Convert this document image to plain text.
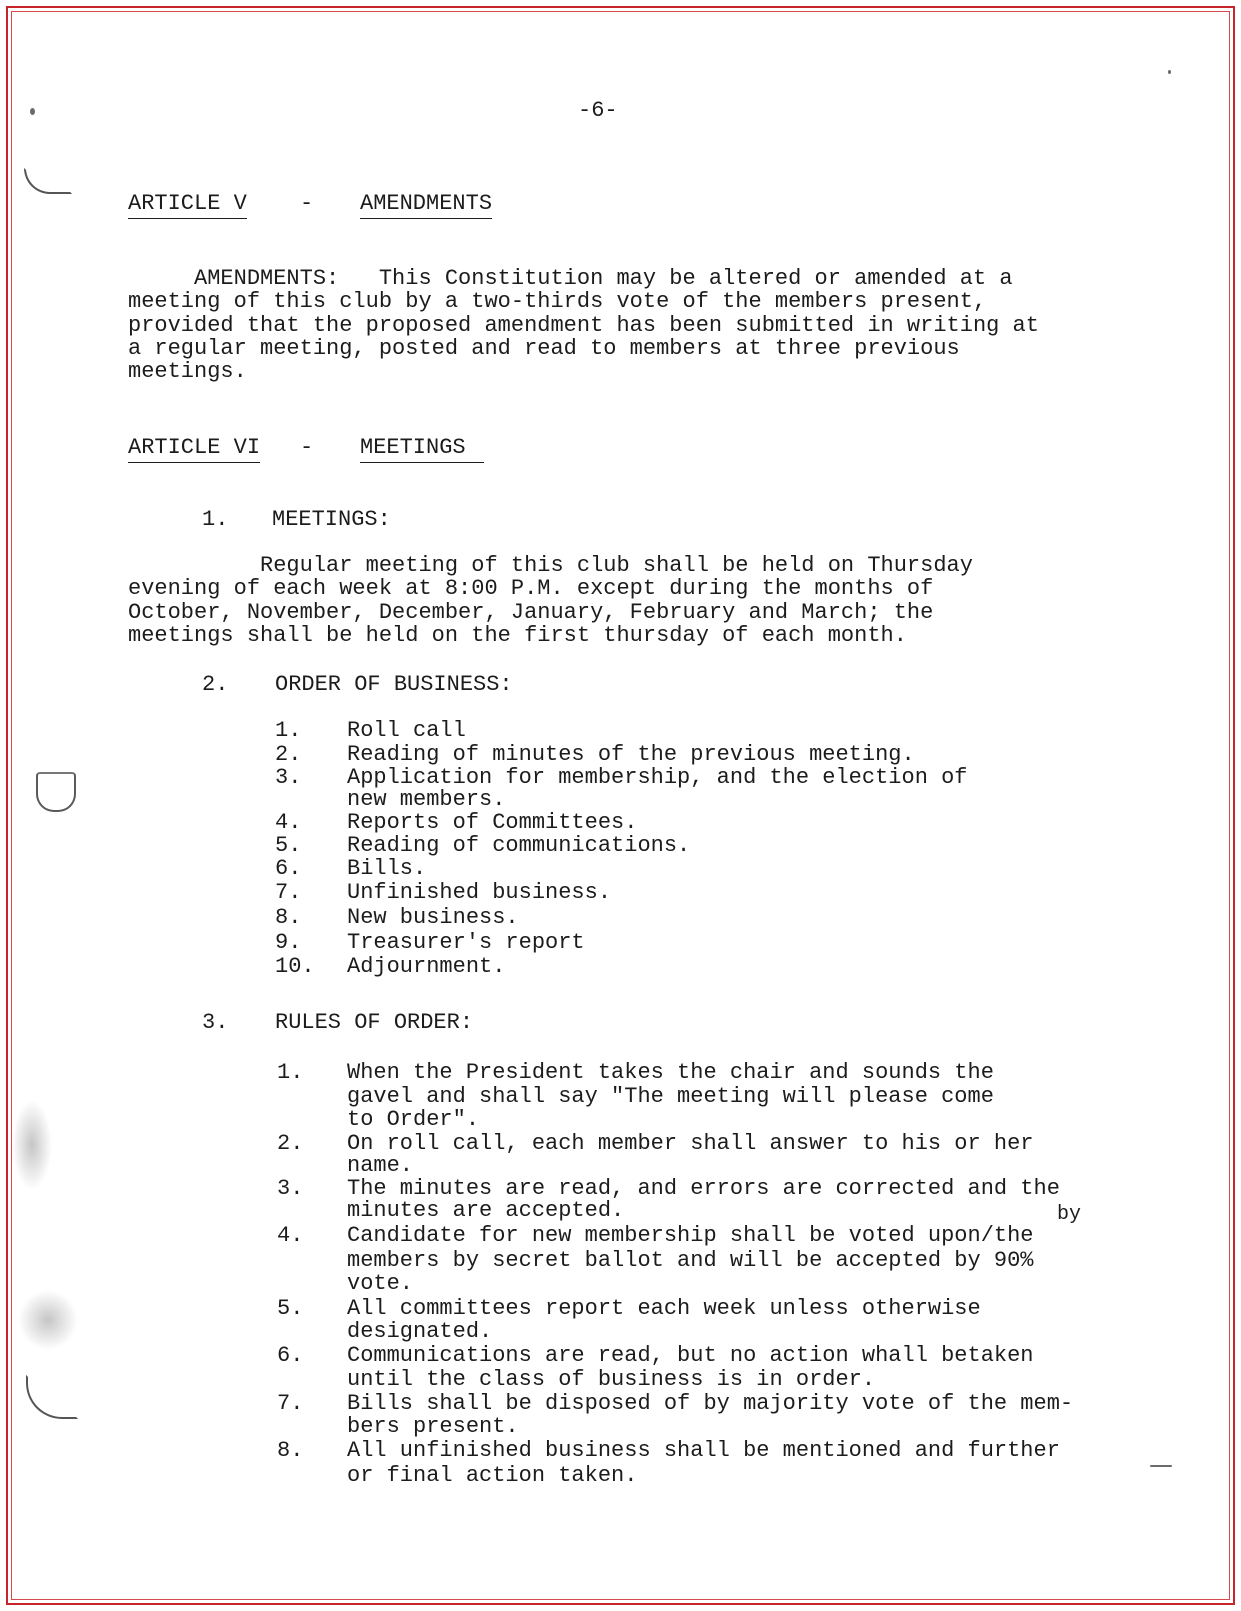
-6-
ARTICLE V - AMENDMENTS
AMENDMENTS:   This Constitution may be altered or amended at a
meeting of this club by a two-thirds vote of the members present,
provided that the proposed amendment has been submitted in writing at
a regular meeting, posted and read to members at three previous
meetings.
ARTICLE VI - MEETINGS
1. MEETINGS:
Regular meeting of this club shall be held on Thursday
evening of each week at 8:00 P.M. except during the months of
October, November, December, January, February and March; the
meetings shall be held on the first thursday of each month.
2. ORDER OF BUSINESS:
1. Roll call
2. Reading of minutes of the previous meeting.
3. Application for membership, and the election of
new members.
4. Reports of Committees.
5. Reading of communications.
6. Bills.
7. Unfinished business.
8. New business.
9. Treasurer's report
10. Adjournment.
3. RULES OF ORDER:
1. When the President takes the chair and sounds the
gavel and shall say "The meeting will please come
to Order".
2. On roll call, each member shall answer to his or her
name.
3. The minutes are read, and errors are corrected and the
minutes are accepted.	by
4. Candidate for new membership shall be voted upon/the
members by secret ballot and will be accepted by 90%
vote.
5. All committees report each week unless otherwise
designated.
6. Communications are read, but no action whall betaken
until the class of business is in order.
7. Bills shall be disposed of by majority vote of the mem-
bers present.
8. All unfinished business shall be mentioned and further
or final action taken.
